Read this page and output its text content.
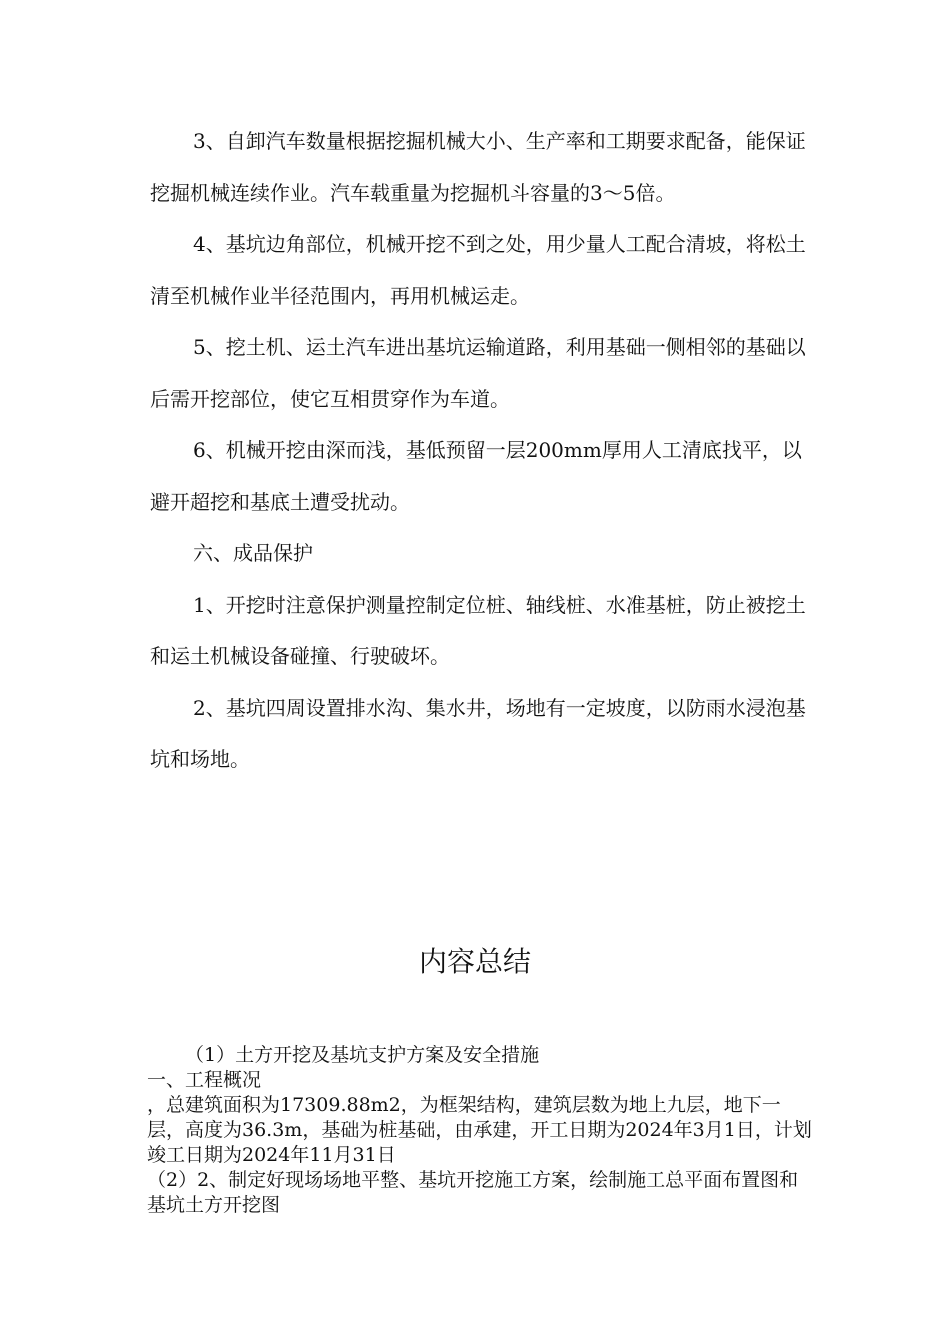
3、自卸汽车数量根据挖掘机械大小、生产率和工期要求配备，能保证挖掘机械连续作业。汽车载重量为挖掘机斗容量的3～5倍。

4、基坑边角部位，机械开挖不到之处，用少量人工配合清坡，将松土清至机械作业半径范围内，再用机械运走。

5、挖土机、运土汽车进出基坑运输道路，利用基础一侧相邻的基础以后需开挖部位，使它互相贯穿作为车道。

6、机械开挖由深而浅，基低预留一层200mm厚用人工清底找平，以避开超挖和基底土遭受扰动。

六、成品保护

1、开挖时注意保护测量控制定位桩、轴线桩、水准基桩，防止被挖土和运土机械设备碰撞、行驶破坏。

2、基坑四周设置排水沟、集水井，场地有一定坡度，以防雨水浸泡基坑和场地。

内容总结

（1）土方开挖及基坑支护方案及安全措施

一、工程概况

，总建筑面积为17309.88m2，为框架结构，建筑层数为地上九层，地下一层，高度为36.3m，基础为桩基础，由承建，开工日期为2024年3月1日，计划竣工日期为2024年11月31日

（2）2、制定好现场场地平整、基坑开挖施工方案，绘制施工总平面布置图和基坑土方开挖图
